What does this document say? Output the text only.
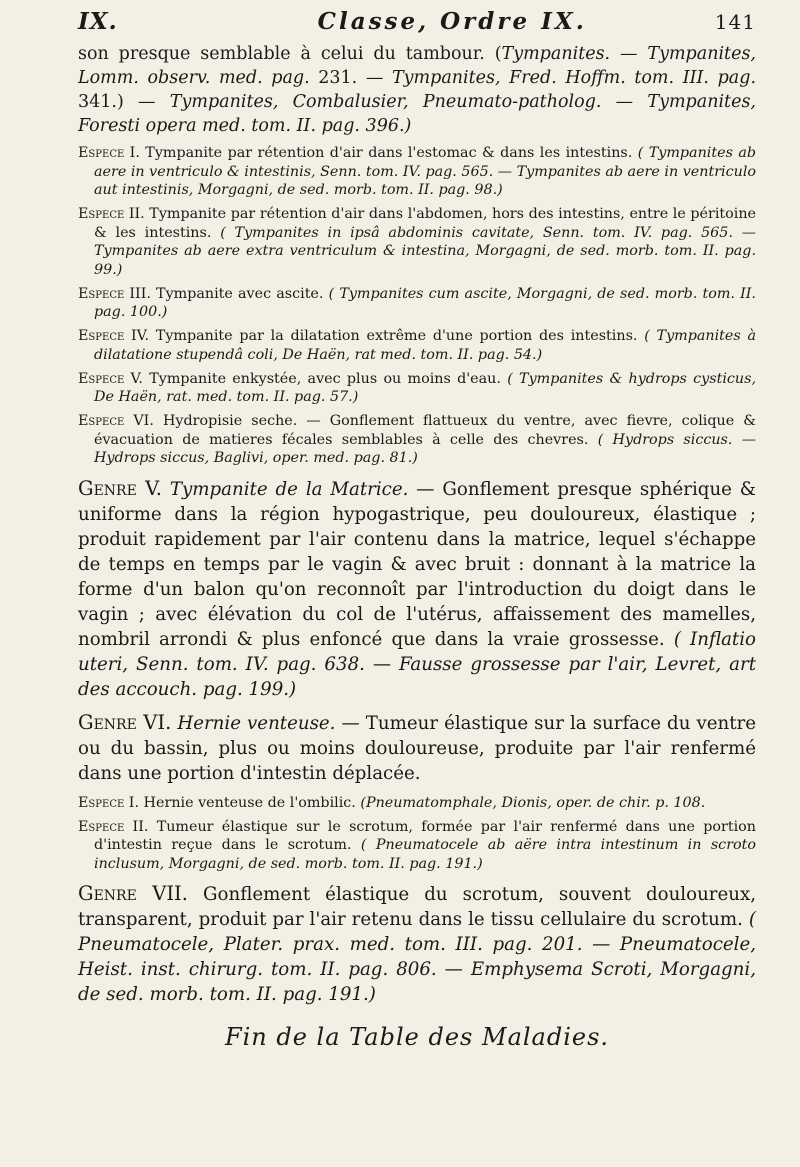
IX.	Classe, Ordre IX.	141

son presque semblable à celui du tambour. (Tympanites. — Tympanites, Lomm. observ. med. pag. 231. — Tympanites, Fred. Hoffm. tom. III. pag. 341.) — Tympanites, Combalusier, Pneumato-patholog. — Tympanites, Foresti opera med. tom. II. pag. 396.)

Espece I. Tympanite par rétention d'air dans l'estomac & dans les intestins. ( Tympanites ab aere in ventriculo & intestinis, Senn. tom. IV. pag. 565. — Tympanites ab aere in ventriculo aut intestinis, Morgagni, de sed. morb. tom. II. pag. 98.)

Espece II. Tympanite par rétention d'air dans l'abdomen, hors des intestins, entre le péritoine & les intestins. ( Tympanites in ipsâ abdominis cavitate, Senn. tom. IV. pag. 565. — Tympanites ab aere extra ventriculum & intestina, Morgagni, de sed. morb. tom. II. pag. 99.)

Espece III. Tympanite avec ascite. ( Tympanites cum ascite, Morgagni, de sed. morb. tom. II. pag. 100.)

Espece IV. Tympanite par la dilatation extrême d'une portion des intestins. ( Tympanites à dilatatione stupendâ coli, De Haën, rat med. tom. II. pag. 54.)

Espece V. Tympanite enkystée, avec plus ou moins d'eau. ( Tympanites & hydrops cysticus, De Haën, rat. med. tom. II. pag. 57.)

Espece VI. Hydropisie seche. — Gonflement flattueux du ventre, avec fievre, colique & évacuation de matieres fécales semblables à celle des chevres. ( Hydrops siccus. — Hydrops siccus, Baglivi, oper. med. pag. 81.)

Genre V. Tympanite de la Matrice. — Gonflement presque sphérique & uniforme dans la région hypogastrique, peu douloureux, élastique ; produit rapidement par l'air contenu dans la matrice, lequel s'échappe de temps en temps par le vagin & avec bruit : donnant à la matrice la forme d'un balon qu'on reconnoît par l'introduction du doigt dans le vagin ; avec élévation du col de l'utérus, affaissement des mamelles, nombril arrondi & plus enfoncé que dans la vraie grossesse. ( Inflatio uteri, Senn. tom. IV. pag. 638. — Fausse grossesse par l'air, Levret, art des accouch. pag. 199.)

Genre VI. Hernie venteuse. — Tumeur élastique sur la surface du ventre ou du bassin, plus ou moins douloureuse, produite par l'air renfermé dans une portion d'intestin déplacée.

Espece I. Hernie venteuse de l'ombilic. (Pneumatomphale, Dionis, oper. de chir. p. 108.

Espece II. Tumeur élastique sur le scrotum, formée par l'air renfermé dans une portion d'intestin reçue dans le scrotum. ( Pneumatocele ab aëre intra intestinum in scroto inclusum, Morgagni, de sed. morb. tom. II. pag. 191.)

Genre VII. Gonflement élastique du scrotum, souvent douloureux, transparent, produit par l'air retenu dans le tissu cellulaire du scrotum. ( Pneumatocele, Plater. prax. med. tom. III. pag. 201. — Pneumatocele, Heist. inst. chirurg. tom. II. pag. 806. — Emphysema Scroti, Morgagni, de sed. morb. tom. II. pag. 191.)

Fin de la Table des Maladies.
